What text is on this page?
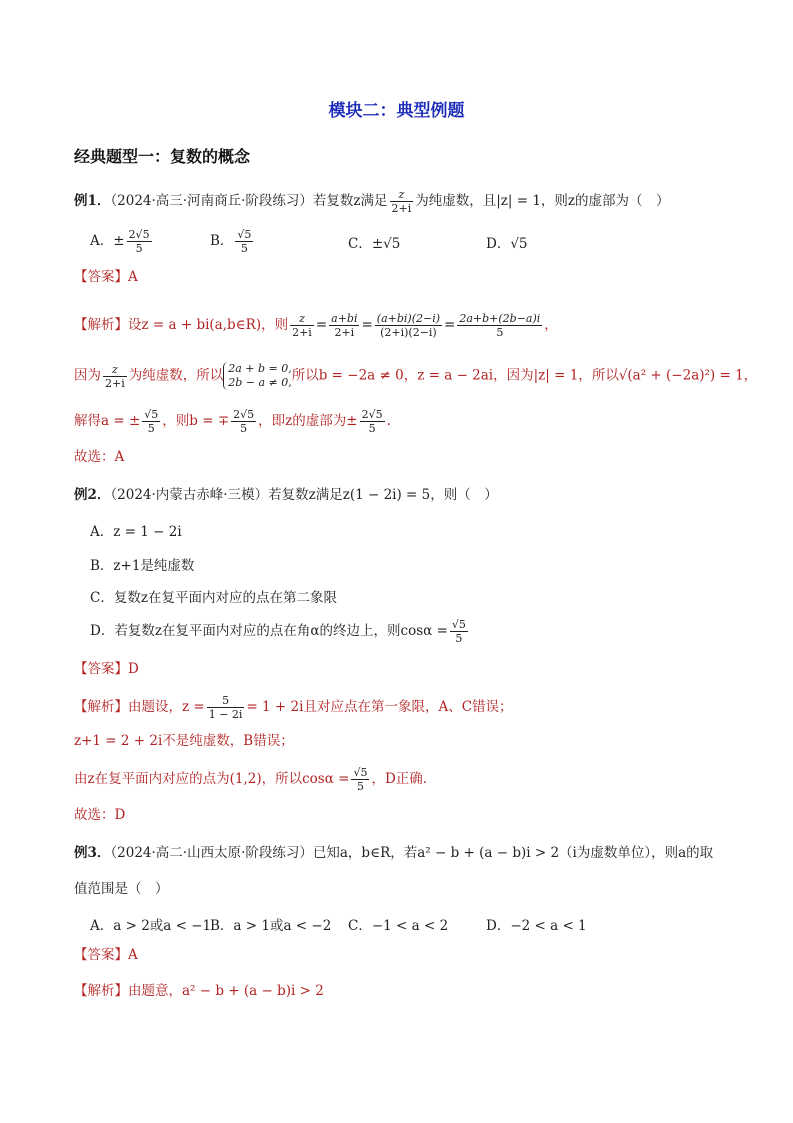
模块二：典型例题
经典题型一：复数的概念
例1．（2024·高三·河南商丘·阶段练习）若复数z满足 $\frac{z}{2+i}$ 为纯虚数，且|z| = 1，则z的虚部为（　）
A．± $\frac{2√5}{5}$	B． $\frac{√5}{5}$	C．±√5	D．√5
【答案】A
【解析】设z = a + bi(a,b∈R)，则 $\frac{z}{2+i} = \frac{a+bi}{2+i} = \frac{(a+bi)(2-i)}{(2+i)(2-i)} = \frac{2a+b+(2b-a)i}{5}$ ，
因为 $\frac{z}{2+i}$ 为纯虚数，所以 2a + b = 0,
2b − a ≠ 0, 所以b = −2a ≠ 0，z = a − 2ai，因为|z| = 1，所以√(a² + (−2a)²) = 1，
解得a = ± $\frac{√5}{5}$ ，则b = ∓ $\frac{2√5}{5}$ ，即z的虚部为± $\frac{2√5}{5}$ .
故选：A
例2．（2024·内蒙古赤峰·三模）若复数z满足z(1 − 2i) = 5，则（　）
A．z = 1 − 2i
B．z+1是纯虚数
C．复数z在复平面内对应的点在第二象限
D．若复数z在复平面内对应的点在角α的终边上，则$\cos\alpha = \frac{√5}{5}$
【答案】D
【解析】由题设，$z = \frac{5}{1 - 2i} = 1 + 2i$且对应点在第一象限，A、C错误；
z+1 = 2 + 2i不是纯虚数，B错误；
由z在复平面内对应的点为(1,2)，所以$\cos\alpha = \frac{√5}{5}$ ，D正确.
故选：D
例3．（2024·高二·山西太原·阶段练习）已知a，b∈R，若a² − b + (a − b)i > 2（i为虚数单位），则a的取
值范围是（　）
A．a > 2或a < −1
B．a > 1或a < −2 C．−1 < a < 2	D．−2 < a < 1
【答案】A
【解析】由题意，a² − b + (a − b)i > 2
